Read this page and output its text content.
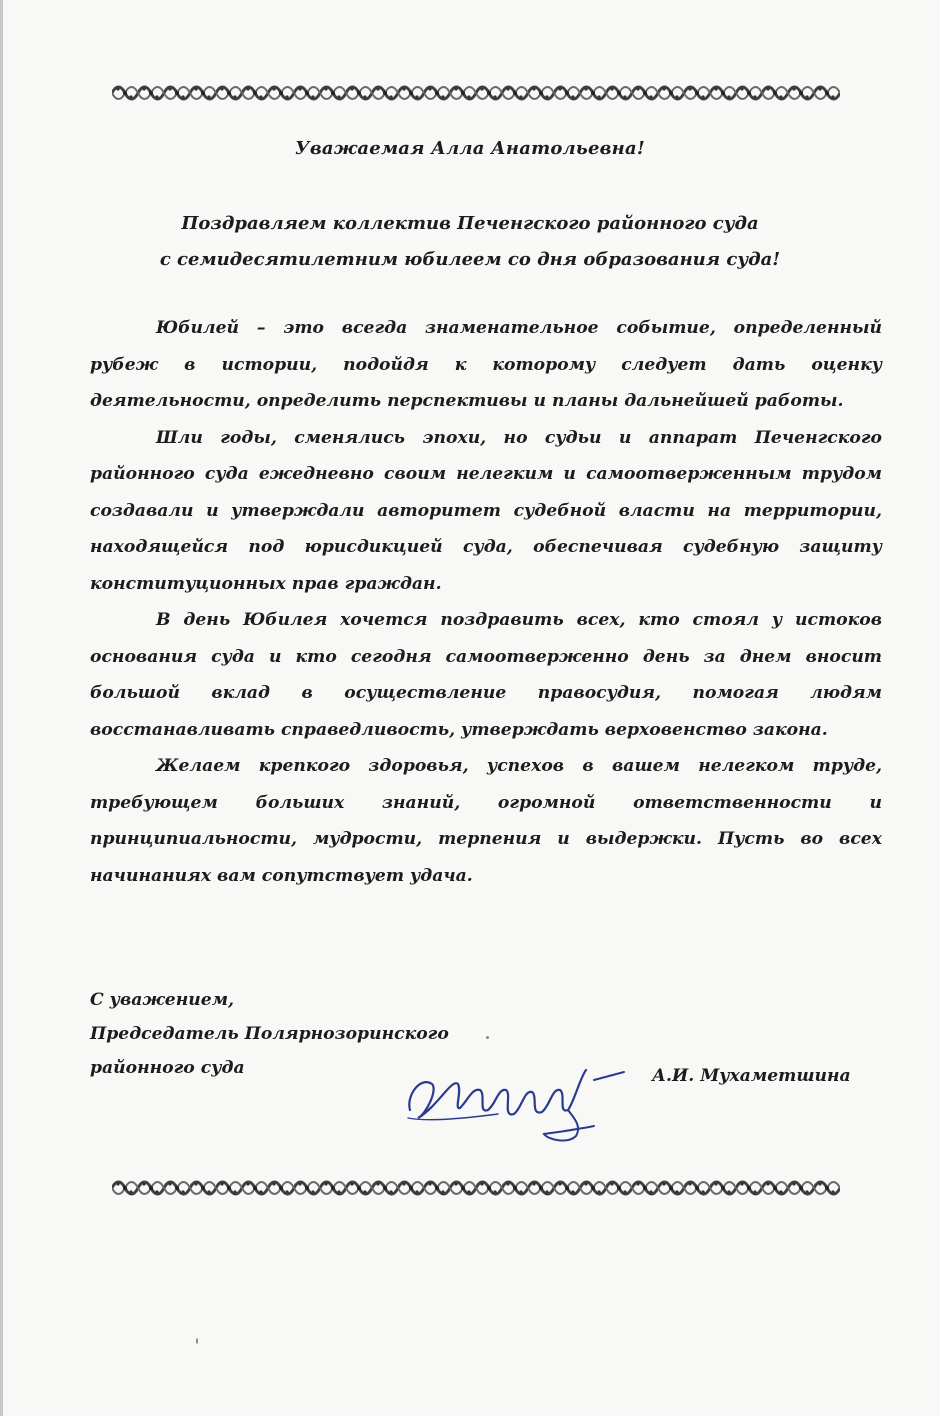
Уважаемая Алла Анатольевна!
Поздравляем коллектив Печенгского районного суда
с семидесятилетним юбилеем со дня образования суда!

Юбилей – это всегда знаменательное событие, определенный рубеж в истории, подойдя к которому следует дать оценку деятельности, определить перспективы и планы дальнейшей работы.

Шли годы, сменялись эпохи, но судьи и аппарат Печенгского районного суда ежедневно своим нелегким и самоотверженным трудом создавали и утверждали авторитет судебной власти на территории, находящейся под юрисдикцией суда, обеспечивая судебную защиту конституционных прав граждан.

В день Юбилея хочется поздравить всех, кто стоял у истоков основания суда и кто сегодня самоотверженно день за днем вносит большой вклад в осуществление правосудия, помогая людям восстанавливать справедливость, утверждать верховенство закона.

Желаем крепкого здоровья, успехов в вашем нелегком труде, требующем больших знаний, огромной ответственности и принципиальности, мудрости, терпения и выдержки. Пусть во всех начинаниях вам сопутствует удача.

С уважением,
Председатель Полярнозоринского
районного суда	А.И. Мухаметшина
